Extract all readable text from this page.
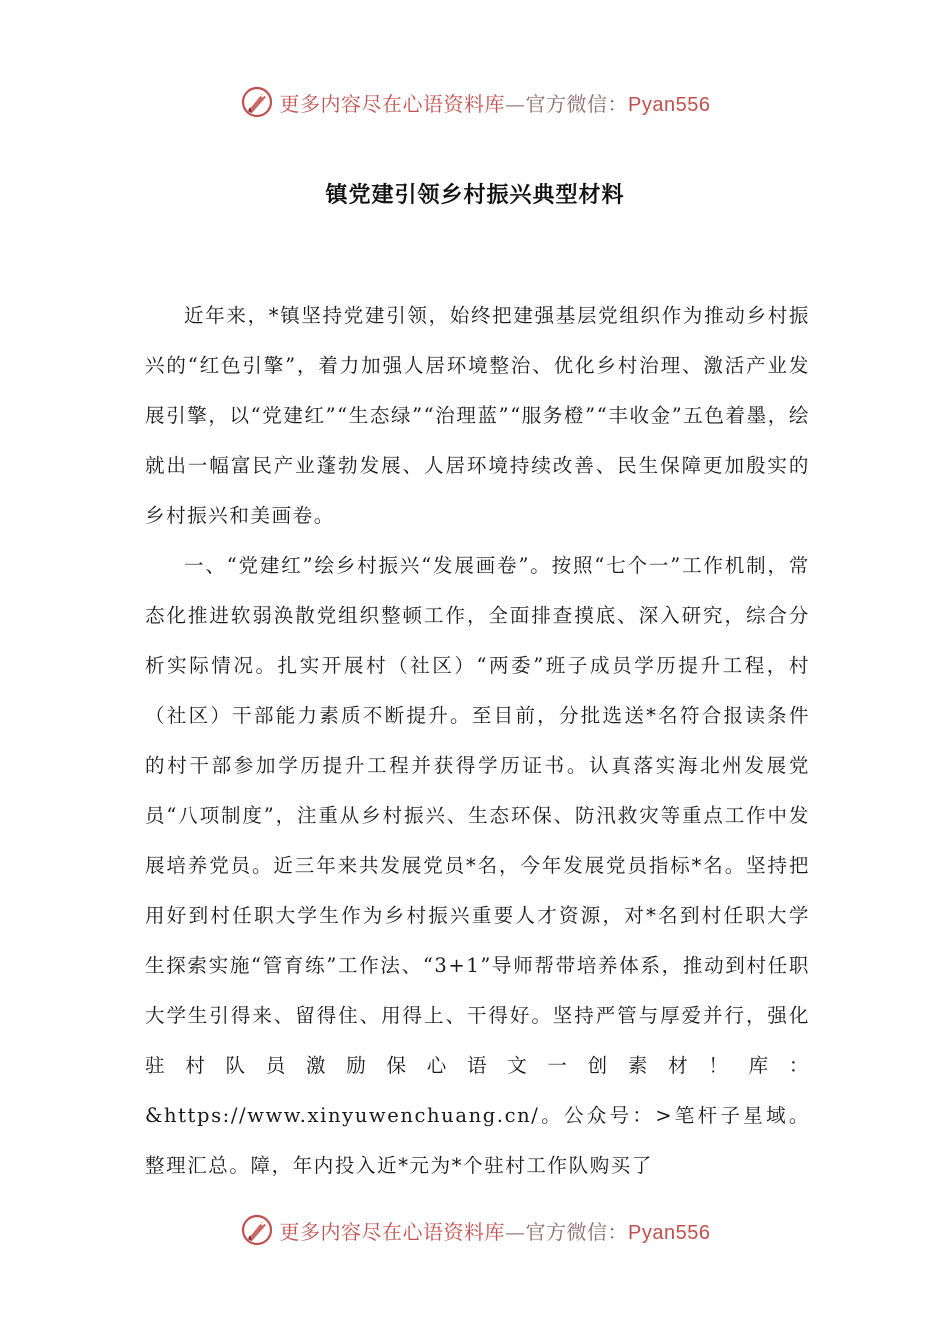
更多内容尽在心语资料库—官方微信：Pyan556
镇党建引领乡村振兴典型材料

近年来，*镇坚持党建引领，始终把建强基层党组织作为推动乡村振兴的“红色引擎”，着力加强人居环境整治、优化乡村治理、激活产业发展引擎，以“党建红”“生态绿”“治理蓝”“服务橙”“丰收金”五色着墨，绘就出一幅富民产业蓬勃发展、人居环境持续改善、民生保障更加殷实的乡村振兴和美画卷。

一、“党建红”绘乡村振兴“发展画卷”。按照“七个一”工作机制，常态化推进软弱涣散党组织整顿工作，全面排查摸底、深入研究，综合分析实际情况。扎实开展村（社区）“两委”班子成员学历提升工程，村（社区）干部能力素质不断提升。至目前，分批选送*名符合报读条件的村干部参加学历提升工程并获得学历证书。认真落实海北州发展党员“八项制度”，注重从乡村振兴、生态环保、防汛救灾等重点工作中发展培养党员。近三年来共发展党员*名，今年发展党员指标*名。坚持把用好到村任职大学生作为乡村振兴重要人才资源，对*名到村任职大学生探索实施“管育练”工作法、“3+1”导师帮带培养体系，推动到村任职大学生引得来、留得住、用得上、干得好。坚持严管与厚爱并行，强化驻村队员激励保心语文一创素材！库：&https://www.xinyuwenchuang.cn/。公众号：>笔杆子星域。整理汇总。障，年内投入近*元为*个驻村工作队购买了

更多内容尽在心语资料库—官方微信：Pyan556
